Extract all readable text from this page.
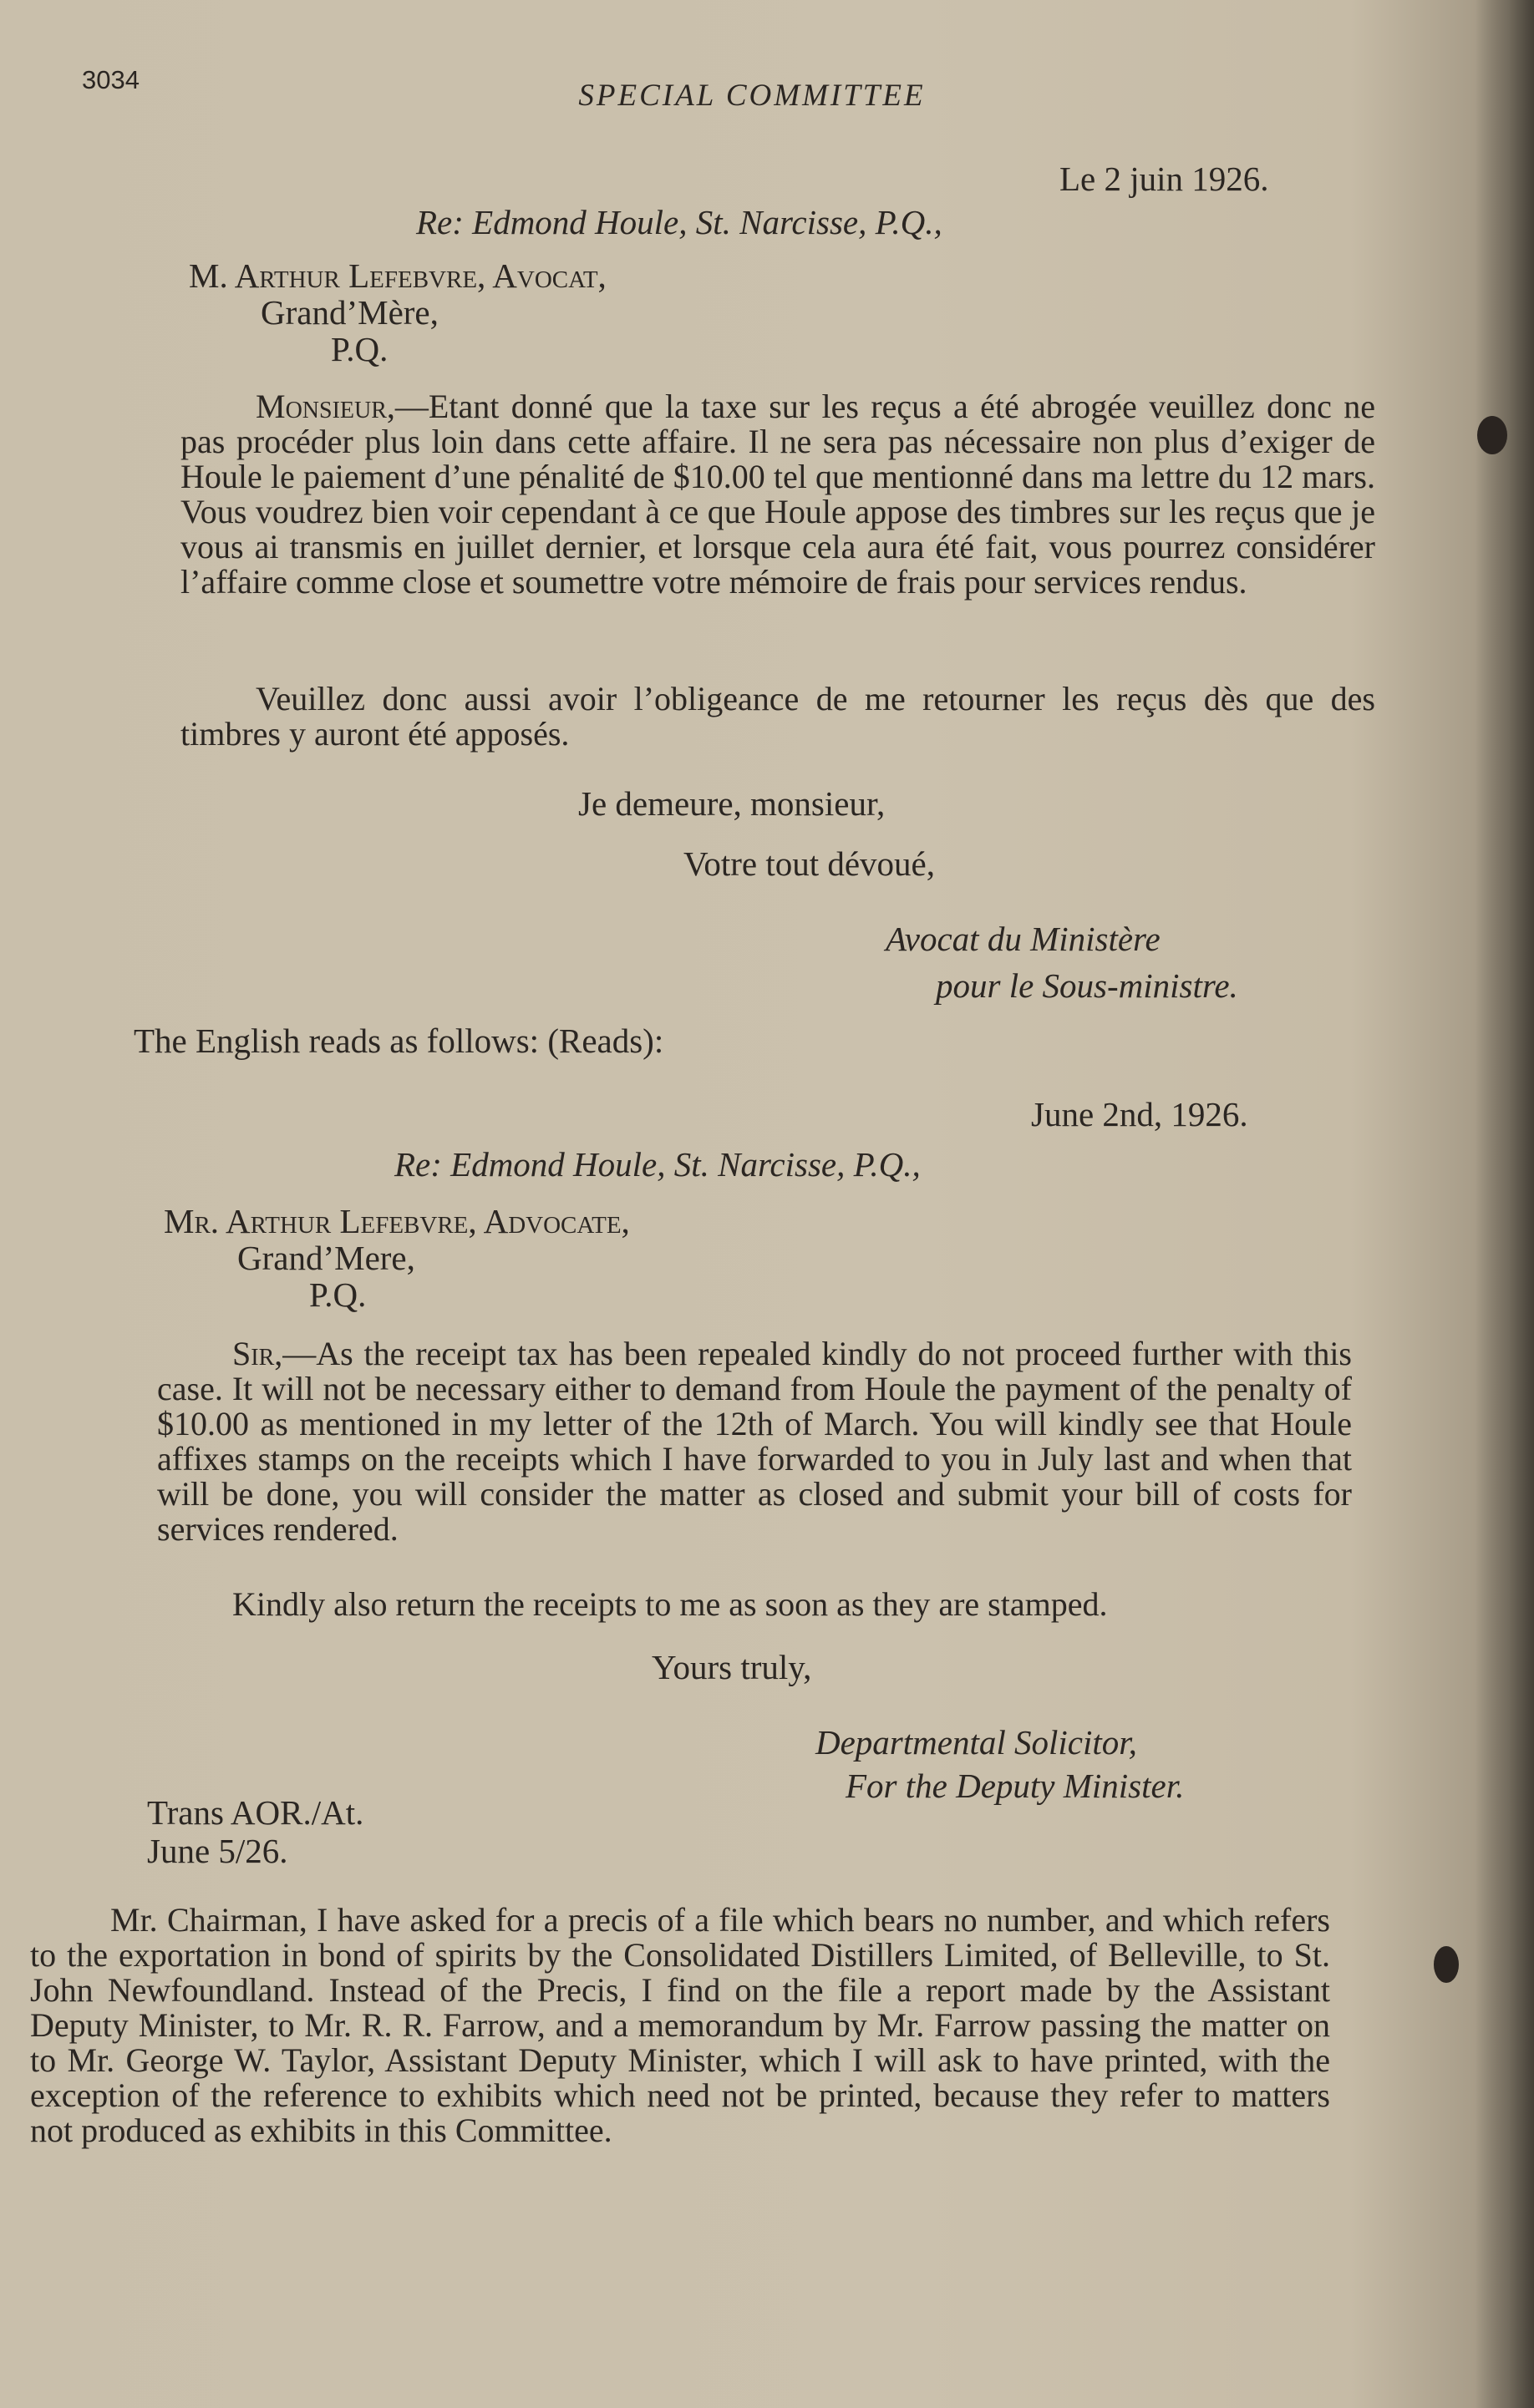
3034	SPECIAL COMMITTEE
Le 2 juin 1926.
Re: Edmond Houle, St. Narcisse, P.Q.,
M. Arthur Lefebvre, Avocat,
Grand’Mère,
P.Q.

Monsieur,—Etant donné que la taxe sur les reçus a été abrogée veuillez donc ne pas procéder plus loin dans cette affaire. Il ne sera pas nécessaire non plus d’exiger de Houle le paiement d’une pénalité de $10.00 tel que mentionné dans ma lettre du 12 mars. Vous voudrez bien voir cependant à ce que Houle appose des timbres sur les reçus que je vous ai transmis en juillet dernier, et lorsque cela aura été fait, vous pourrez considérer l’affaire comme close et soumettre votre mémoire de frais pour services rendus.

Veuillez donc aussi avoir l’obligeance de me retourner les reçus dès que des timbres y auront été apposés.

Je demeure, monsieur,
Votre tout dévoué,
Avocat du Ministère
pour le Sous-ministre.
The English reads as follows: (Reads):
June 2nd, 1926.
Re: Edmond Houle, St. Narcisse, P.Q.,
Mr. Arthur Lefebvre, Advocate,
Grand’Mere,
P.Q.

Sir,—As the receipt tax has been repealed kindly do not proceed further with this case. It will not be necessary either to demand from Houle the payment of the penalty of $10.00 as mentioned in my letter of the 12th of March. You will kindly see that Houle affixes stamps on the receipts which I have forwarded to you in July last and when that will be done, you will consider the matter as closed and submit your bill of costs for services rendered.

Kindly also return the receipts to me as soon as they are stamped.

Yours truly,
Departmental Solicitor,
For the Deputy Minister.
Trans AOR./At.
June 5/26.

Mr. Chairman, I have asked for a precis of a file which bears no number, and which refers to the exportation in bond of spirits by the Consolidated Distillers Limited, of Belleville, to St. John Newfoundland. Instead of the Precis, I find on the file a report made by the Assistant Deputy Minister, to Mr. R. R. Farrow, and a memorandum by Mr. Farrow passing the matter on to Mr. George W. Taylor, Assistant Deputy Minister, which I will ask to have printed, with the exception of the reference to exhibits which need not be printed, because they refer to matters not produced as exhibits in this Committee.
